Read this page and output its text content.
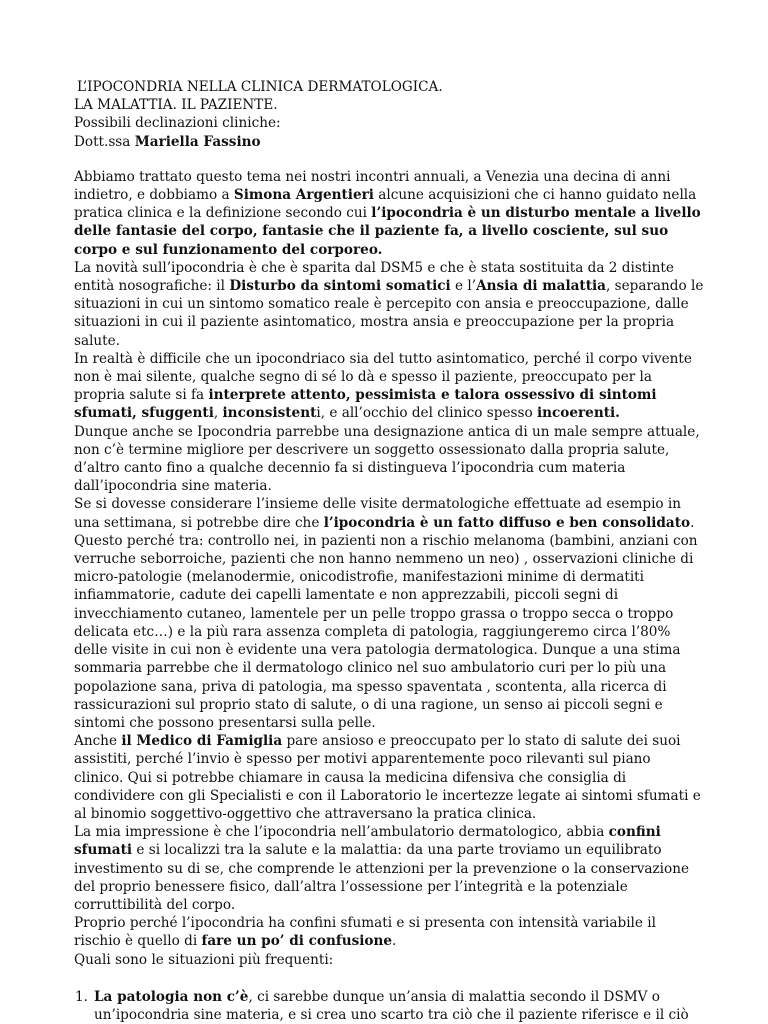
L’IPOCONDRIA NELLA CLINICA DERMATOLOGICA.

LA MALATTIA. IL PAZIENTE.

Possibili declinazioni cliniche:

Dott.ssa Mariella Fassino

Abbiamo trattato questo tema nei nostri incontri annuali, a Venezia una decina di anni indietro, e dobbiamo a Simona Argentieri alcune acquisizioni che ci hanno guidato nella pratica clinica e la definizione secondo cui l’ipocondria è un disturbo mentale a livello delle fantasie del corpo, fantasie che il paziente fa, a livello cosciente, sul suo corpo e sul funzionamento del corporeo.

La novità sull’ipocondria è che è sparita dal DSM5 e che è stata sostituita da 2 distinte entità nosografiche: il Disturbo da sintomi somatici e l’Ansia di malattia, separando le situazioni in cui un sintomo somatico reale è percepito con ansia e preoccupazione, dalle situazioni in cui il paziente asintomatico, mostra ansia e preoccupazione per la propria salute.

In realtà è difficile che un ipocondriaco sia del tutto asintomatico, perché il corpo vivente non è mai silente, qualche segno di sé lo dà e spesso il paziente, preoccupato per la propria salute si fa interprete attento, pessimista e talora ossessivo di sintomi sfumati, sfuggenti, inconsistenti, e all’occhio del clinico spesso incoerenti.

Dunque anche se Ipocondria parrebbe una designazione antica di un male sempre attuale, non c’è termine migliore per descrivere un soggetto ossessionato dalla propria salute, d’altro canto fino a qualche decennio fa si distingueva l’ipocondria cum materia dall’ipocondria sine materia.

Se si dovesse considerare l’insieme delle visite dermatologiche effettuate ad esempio in una settimana, si potrebbe dire che l’ipocondria è un fatto diffuso e ben consolidato. Questo perché tra: controllo nei, in pazienti non a rischio melanoma (bambini, anziani con verruche seborroiche, pazienti che non hanno nemmeno un neo) , osservazioni cliniche di micro-patologie (melanodermie, onicodistrofie, manifestazioni minime di dermatiti infiammatorie, cadute dei capelli lamentate e non apprezzabili, piccoli segni di invecchiamento cutaneo, lamentele per un pelle troppo grassa o troppo secca o troppo delicata etc…) e la più rara assenza completa di patologia, raggiungeremo circa l’80% delle visite in cui non è evidente una vera patologia dermatologica. Dunque a una stima sommaria parrebbe che il dermatologo clinico nel suo ambulatorio curi per lo più una popolazione sana, priva di patologia, ma spesso spaventata , scontenta, alla ricerca di rassicurazioni sul proprio stato di salute, o di una ragione, un senso ai piccoli segni e sintomi che possono presentarsi sulla pelle.

Anche il Medico di Famiglia pare ansioso e preoccupato per lo stato di salute dei suoi assistiti, perché l’invio è spesso per motivi apparentemente poco rilevanti sul piano clinico. Qui si potrebbe chiamare in causa la medicina difensiva che consiglia di condividere con gli Specialisti e con il Laboratorio le incertezze legate ai sintomi sfumati e al binomio soggettivo-oggettivo che attraversano la pratica clinica.

La mia impressione è che l’ipocondria nell’ambulatorio dermatologico, abbia confini sfumati e si localizzi tra la salute e la malattia: da una parte troviamo un equilibrato investimento su di se, che comprende le attenzioni per la prevenzione o la conservazione del proprio benessere fisico, dall’altra l’ossessione per l’integrità e la potenziale corruttibilità del corpo.

Proprio perché l’ipocondria ha confini sfumati e si presenta con intensità variabile il rischio è quello di fare un po’ di confusione.

Quali sono le situazioni più frequenti:

1. La patologia non c’è, ci sarebbe dunque un’ansia di malattia secondo il DSMV o un’ipocondria sine materia, e si crea uno scarto tra ciò che il paziente riferisce e il ciò
